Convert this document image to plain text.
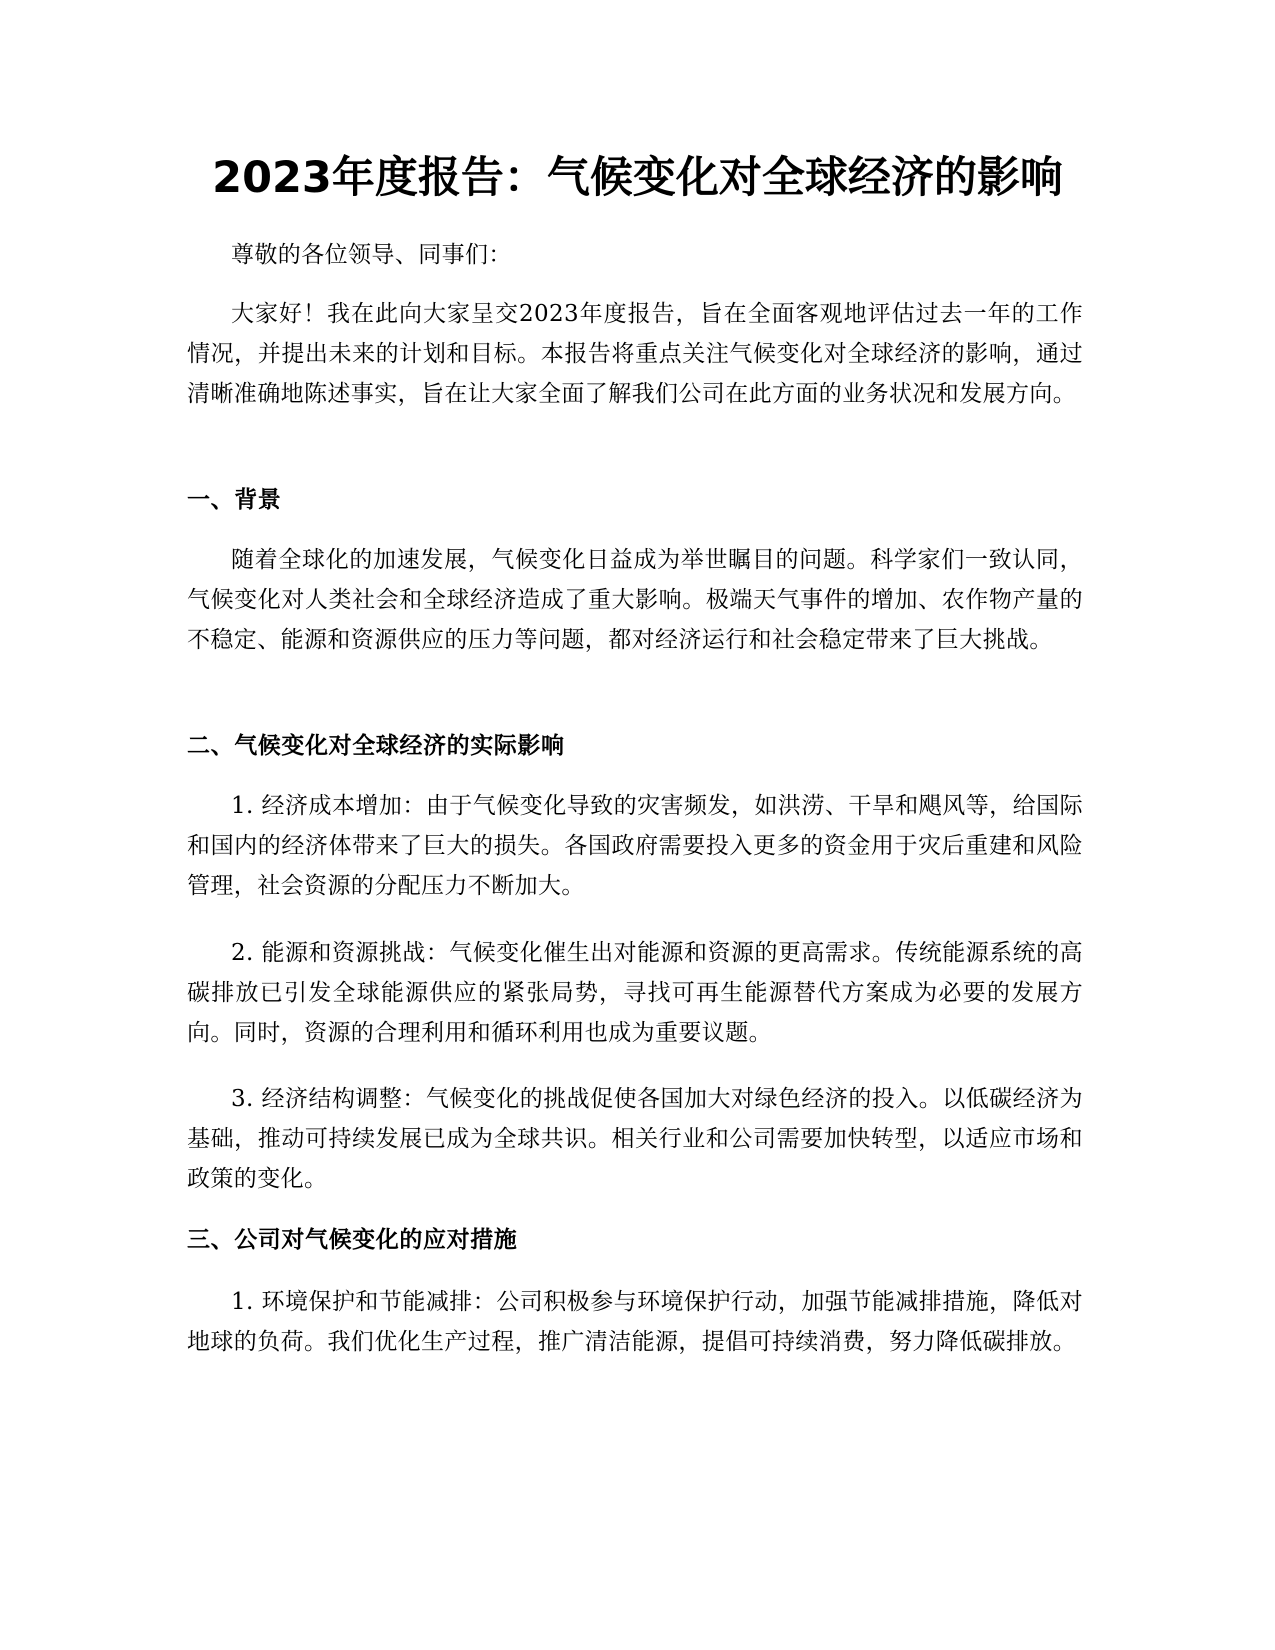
2023年度报告：气候变化对全球经济的影响

尊敬的各位领导、同事们：

大家好！我在此向大家呈交2023年度报告，旨在全面客观地评估过去一年的工作情况，并提出未来的计划和目标。本报告将重点关注气候变化对全球经济的影响，通过清晰准确地陈述事实，旨在让大家全面了解我们公司在此方面的业务状况和发展方向。

一、背景

随着全球化的加速发展，气候变化日益成为举世瞩目的问题。科学家们一致认同，气候变化对人类社会和全球经济造成了重大影响。极端天气事件的增加、农作物产量的不稳定、能源和资源供应的压力等问题，都对经济运行和社会稳定带来了巨大挑战。

二、气候变化对全球经济的实际影响

1. 经济成本增加：由于气候变化导致的灾害频发，如洪涝、干旱和飓风等，给国际和国内的经济体带来了巨大的损失。各国政府需要投入更多的资金用于灾后重建和风险管理，社会资源的分配压力不断加大。

2. 能源和资源挑战：气候变化催生出对能源和资源的更高需求。传统能源系统的高碳排放已引发全球能源供应的紧张局势，寻找可再生能源替代方案成为必要的发展方向。同时，资源的合理利用和循环利用也成为重要议题。

3. 经济结构调整：气候变化的挑战促使各国加大对绿色经济的投入。以低碳经济为基础，推动可持续发展已成为全球共识。相关行业和公司需要加快转型，以适应市场和政策的变化。

三、公司对气候变化的应对措施

1. 环境保护和节能减排：公司积极参与环境保护行动，加强节能减排措施，降低对地球的负荷。我们优化生产过程，推广清洁能源，提倡可持续消费，努力降低碳排放。
